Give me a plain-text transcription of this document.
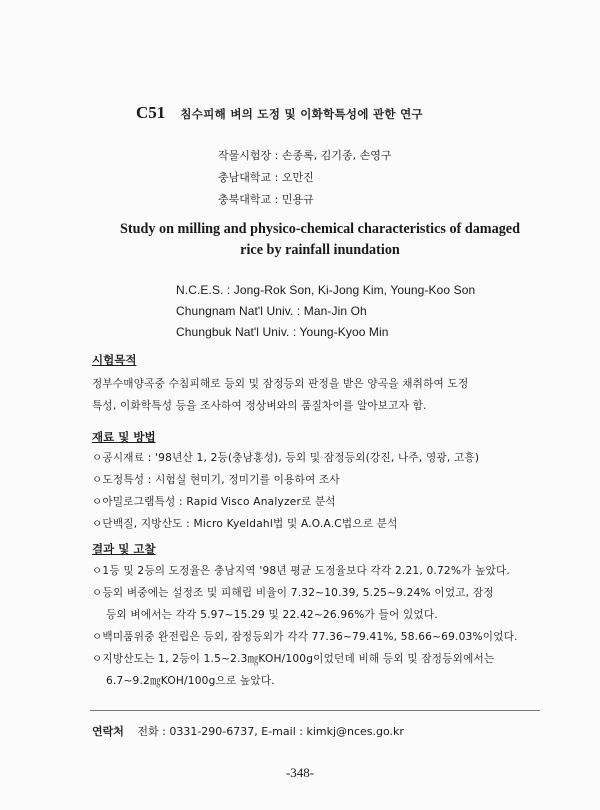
C51 침수피해 벼의 도정 및 이화학특성에 관한 연구
작물시험장 : 손종록, 김기종, 손영구
충남대학교 : 오만진
충북대학교 : 민용규
Study on milling and physico-chemical characteristics of damaged
rice by rainfall inundation
N.C.E.S. : Jong-Rok Son, Ki-Jong Kim, Young-Koo Son
Chungnam Nat'l Univ. : Man-Jin Oh
Chungbuk Nat'l Univ. : Young-Kyoo Min
시험목적
정부수매양곡중 수침피해로 등외 및 잠정등외 판정을 받은 양곡을 채취하여 도정
특성, 이화학특성 등을 조사하여 정상벼와의 품질차이를 알아보고자 함.
재료 및 방법
ㅇ공시재료 : '98년산 1, 2등(충남홍성), 등외 및 잠정등외(강진, 나주, 영광, 고흥)
ㅇ도정특성 : 시험실 현미기, 정미기를 이용하여 조사
ㅇ아밀로그램특성 : Rapid Visco Analyzer로 분석
ㅇ단백질, 지방산도 : Micro Kyeldahl법 및 A.O.A.C법으로 분석
결과 및 고찰
ㅇ1등 및 2등의 도정율은 충남지역 '98년 평균 도정율보다 각각 2.21, 0.72%가 높았다.
ㅇ등외 벼중에는 설정조 및 피해립 비율이 7.32~10.39, 5.25~9.24% 이었고, 잠정
등외 벼에서는 각각 5.97~15.29 및 22.42~26.96%가 들어 있었다.
ㅇ백미품위중 완전립은 등외, 잠정등외가 각각 77.36~79.41%, 58.66~69.03%이었다.
ㅇ지방산도는 1, 2등이 1.5~2.3㎎KOH/100g이었던데 비해 등외 및 잠정등외에서는
6.7~9.2㎎KOH/100g으로 높았다.
연락처 전화 : 0331-290-6737, E-mail : kimkj@nces.go.kr
-348-
